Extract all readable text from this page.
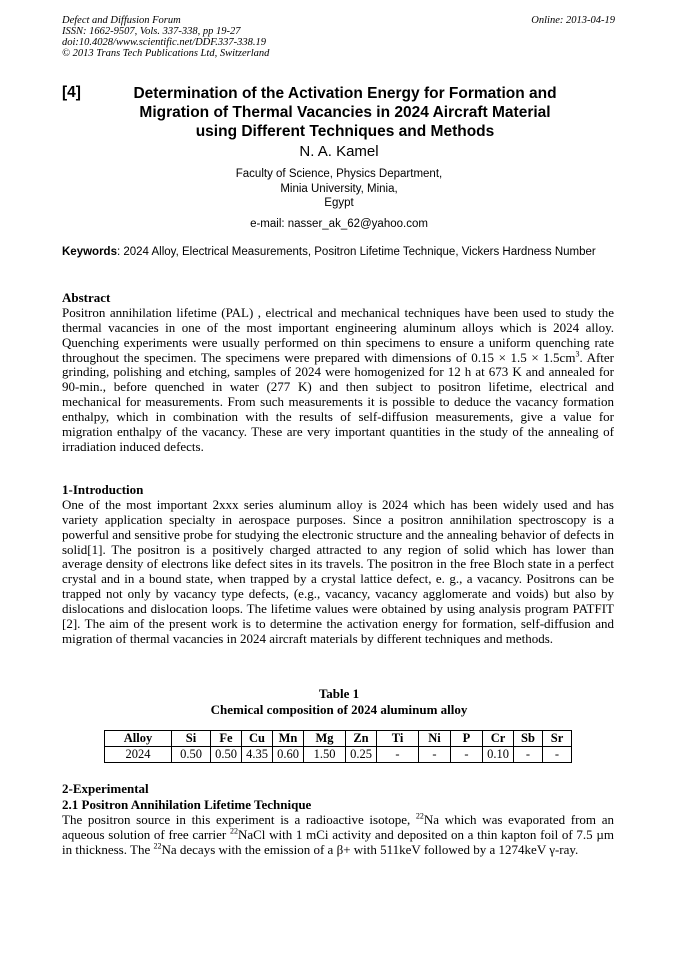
Defect and Diffusion Forum
ISSN: 1662-9507, Vols. 337-338, pp 19-27
doi:10.4028/www.scientific.net/DDF.337-338.19
© 2013 Trans Tech Publications Ltd, Switzerland
Online: 2013-04-19
[4]	Determination of the Activation Energy for Formation and Migration of Thermal Vacancies in 2024 Aircraft Material using Different Techniques and Methods
N. A. Kamel
Faculty of Science, Physics Department,
Minia University, Minia,
Egypt
e-mail: nasser_ak_62@yahoo.com
Keywords: 2024 Alloy, Electrical Measurements, Positron Lifetime Technique, Vickers Hardness Number
Abstract
Positron annihilation lifetime (PAL) , electrical and mechanical techniques have been used to study the thermal vacancies in one of the most important engineering aluminum alloys which is 2024 alloy. Quenching experiments were usually performed on thin specimens to ensure a uniform quenching rate throughout the specimen. The specimens were prepared with dimensions of $0.15 \times 1.5 \times 1.5cm^3$. After grinding, polishing and etching, samples of 2024 were homogenized for 12 h at 673 K and annealed for 90-min., before quenched in water (277 K) and then subject to positron lifetime, electrical and mechanical for measurements. From such measurements it is possible to deduce the vacancy formation enthalpy, which in combination with the results of self-diffusion measurements, give a value for migration enthalpy of the vacancy. These are very important quantities in the study of the annealing of irradiation induced defects.
1-Introduction
One of the most important 2xxx series aluminum alloy is 2024 which has been widely used and has variety application specialty in aerospace purposes. Since a positron annihilation spectroscopy is a powerful and sensitive probe for studying the electronic structure and the annealing behavior of defects in solid[1]. The positron is a positively charged attracted to any region of solid which has lower than average density of electrons like defect sites in its travels. The positron in the free Bloch state in a perfect crystal and in a bound state, when trapped by a crystal lattice defect, e. g., a vacancy. Positrons can be trapped not only by vacancy type defects, (e.g., vacancy, vacancy agglomerate and voids) but also by dislocations and dislocation loops. The lifetime values were obtained by using analysis program PATFIT [2]. The aim of the present work is to determine the activation energy for formation, self-diffusion and migration of thermal vacancies in 2024 aircraft materials by different techniques and methods.
Table 1
Chemical composition of 2024 aluminum alloy
Alloy	Si	Fe	Cu	Mn	Mg	Zn	Ti	Ni	P	Cr	Sb	Sr
2024	0.50	0.50	4.35	0.60	1.50	0.25	-	-	-	0.10	-	-
2-Experimental
2.1 Positron Annihilation Lifetime Technique
The positron source in this experiment is a radioactive isotope, $^{22}$Na which was evaporated from an aqueous solution of free carrier $^{22}$NaCl with 1 mCi activity and deposited on a thin kapton foil of 7.5 µm in thickness. The $^{22}$Na decays with the emission of a β+ with 511keV followed by a 1274keV γ-ray.
